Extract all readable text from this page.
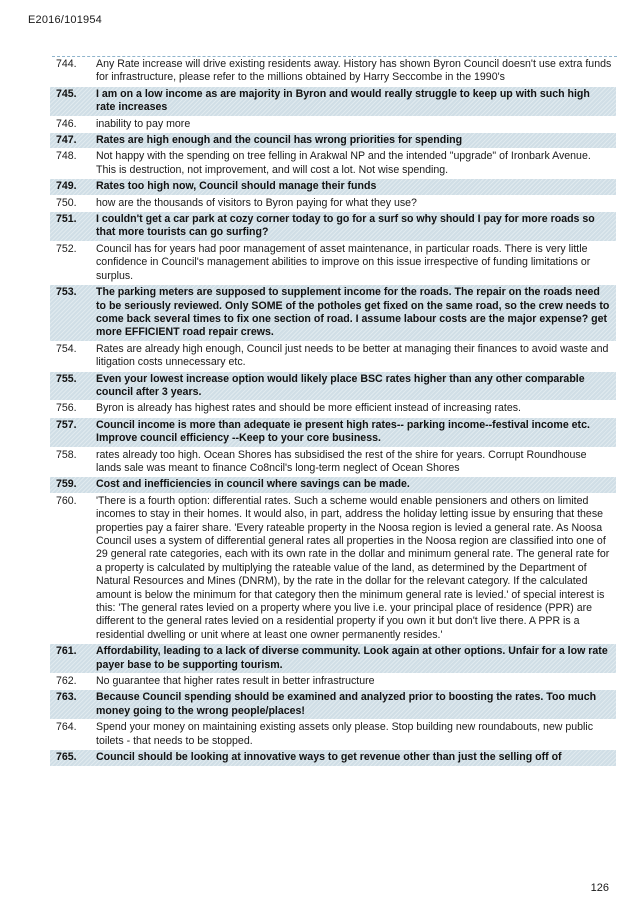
E2016/101954
744.	Any Rate increase will drive existing residents away. History has shown Byron Council doesn't use extra funds for infrastructure, please refer to the millions obtained by Harry Seccombe in the 1990's
745.	I am on a low income as are majority in Byron and would really struggle to keep up with such high rate increases
746.	inability to pay more
747.	Rates are high enough and the council has wrong priorities for spending
748.	Not happy with the spending on tree felling in Arakwal NP and the intended "upgrade" of Ironbark Avenue. This is destruction, not improvement, and will cost a lot. Not wise spending.
749.	Rates too high now, Council should manage their funds
750.	how are the thousands of visitors to Byron paying for what they use?
751.	I couldn't get a car park at cozy corner today to go for a surf so why should I pay for more roads so that more tourists can go surfing?
752.	Council has for years had poor management of asset maintenance, in particular roads. There is very little confidence in Council's management abilities to improve on this issue irrespective of funding limitations or surplus.
753.	The parking meters are supposed to supplement income for the roads. The repair on the roads need to be seriously reviewed. Only SOME of the potholes get fixed on the same road, so the crew needs to come back several times to fix one section of road. I assume labour costs are the major expense? get more EFFICIENT road repair crews.
754.	Rates are already high enough, Council just needs to be better at managing their finances to avoid waste and litigation costs unnecessary etc.
755.	Even your lowest increase option would likely place BSC rates higher than any other comparable council after 3 years.
756.	Byron is already has highest rates and should be more efficient instead of increasing rates.
757.	Council income is more than adequate ie present high rates-- parking income--festival income etc. Improve council efficiency --Keep to your core business.
758.	rates already too high. Ocean Shores has subsidised the rest of the shire for years. Corrupt Roundhouse lands sale was meant to finance Co8ncil's long-term neglect of Ocean Shores
759.	Cost and inefficiencies in council where savings can be made.
760.	'There is a fourth option: differential rates. Such a scheme would enable pensioners and others on limited incomes to stay in their homes. It would also, in part, address the holiday letting issue by ensuring that these properties pay a fairer share. 'Every rateable property in the Noosa region is levied a general rate. As Noosa Council uses a system of differential general rates all properties in the Noosa region are classified into one of 29 general rate categories, each with its own rate in the dollar and minimum general rate. The general rate for a property is calculated by multiplying the rateable value of the land, as determined by the Department of Natural Resources and Mines (DNRM), by the rate in the dollar for the relevant category. If the calculated amount is below the minimum for that category then the minimum general rate is levied.' of special interest is this: 'The general rates levied on a property where you live i.e. your principal place of residence (PPR) are different to the general rates levied on a residential property if you own it but don't live there. A PPR is a residential dwelling or unit where at least one owner permanently resides.'
761.	Affordability, leading to a lack of diverse community. Look again at other options. Unfair for a low rate payer base to be supporting tourism.
762.	No guarantee that higher rates result in better infrastructure
763.	Because Council spending should be examined and analyzed prior to boosting the rates. Too much money going to the wrong people/places!
764.	Spend your money on maintaining existing assets only please. Stop building new roundabouts, new public toilets - that needs to be stopped.
765.	Council should be looking at innovative ways to get revenue other than just the selling off of
126
